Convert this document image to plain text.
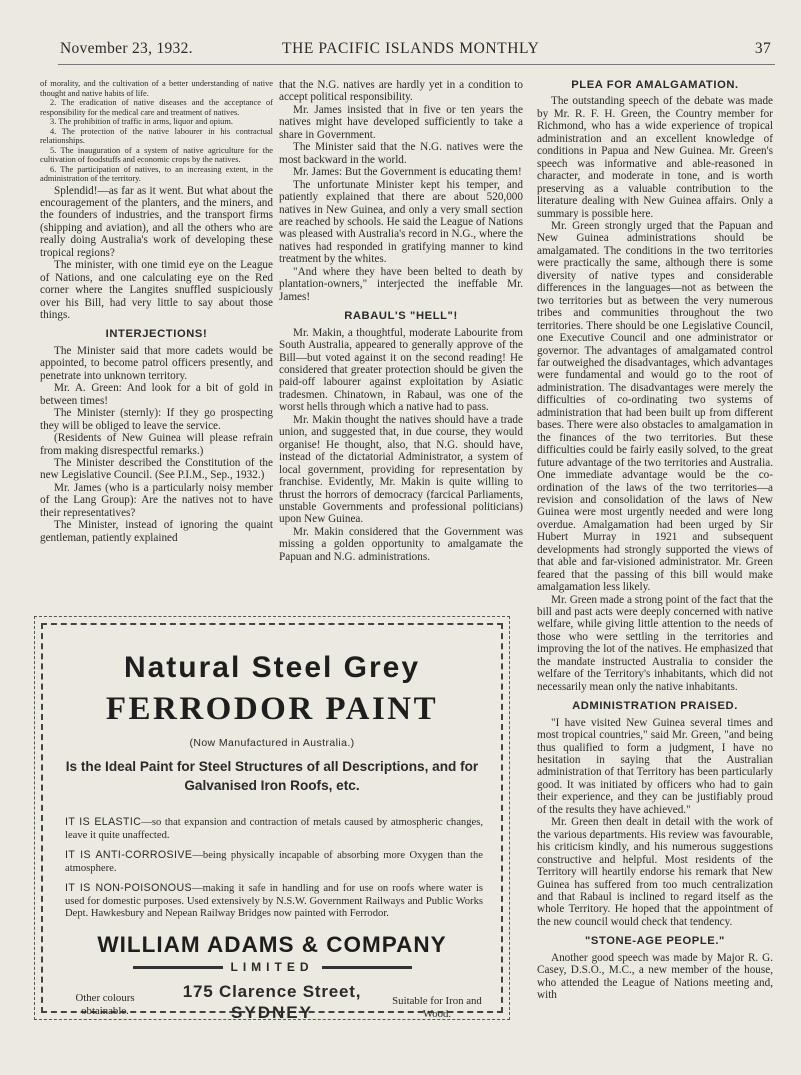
November 23, 1932.	THE PACIFIC ISLANDS MONTHLY	37

of morality, and the cultivation of a better understanding of native thought and native habits of life.

2. The eradication of native diseases and the acceptance of responsibility for the medical care and treatment of natives.

3. The prohibition of traffic in arms, liquor and opium.

4. The protection of the native labourer in his contractual relationships.

5. The inauguration of a system of native agriculture for the cultivation of foodstuffs and economic crops by the natives.

6. The participation of natives, to an increasing extent, in the administration of the territory.

Splendid!—as far as it went. But what about the encouragement of the planters, and the miners, and the founders of industries, and the transport firms (shipping and aviation), and all the others who are really doing Australia's work of developing these tropical regions?

The minister, with one timid eye on the League of Nations, and one calculating eye on the Red corner where the Langites snuffled suspiciously over his Bill, had very little to say about those things.

INTERJECTIONS!

The Minister said that more cadets would be appointed, to become patrol officers presently, and penetrate into unknown territory.

Mr. A. Green: And look for a bit of gold in between times!

The Minister (sternly): If they go prospecting they will be obliged to leave the service.

(Residents of New Guinea will please refrain from making disrespectful remarks.)

The Minister described the Constitution of the new Legislative Council. (See P.I.M., Sep., 1932.)

Mr. James (who is a particularly noisy member of the Lang Group): Are the natives not to have their representatives?

The Minister, instead of ignoring the quaint gentleman, patiently explained

that the N.G. natives are hardly yet in a condition to accept political responsibility.

Mr. James insisted that in five or ten years the natives might have developed sufficiently to take a share in Government.

The Minister said that the N.G. natives were the most backward in the world.

Mr. James: But the Government is educating them!

The unfortunate Minister kept his temper, and patiently explained that there are about 520,000 natives in New Guinea, and only a very small section are reached by schools. He said the League of Nations was pleased with Australia's record in N.G., where the natives had responded in gratifying manner to kind treatment by the whites.

"And where they have been belted to death by plantation-owners," interjected the ineffable Mr. James!

RABAUL'S "HELL"!

Mr. Makin, a thoughtful, moderate Labourite from South Australia, appeared to generally approve of the Bill—but voted against it on the second reading! He considered that greater protection should be given the paid-off labourer against exploitation by Asiatic tradesmen. Chinatown, in Rabaul, was one of the worst hells through which a native had to pass.

Mr. Makin thought the natives should have a trade union, and suggested that, in due course, they would organise! He thought, also, that N.G. should have, instead of the dictatorial Administrator, a system of local government, providing for representation by franchise. Evidently, Mr. Makin is quite willing to thrust the horrors of democracy (farcical Parliaments, unstable Governments and professional politicians) upon New Guinea.

Mr. Makin considered that the Government was missing a golden opportunity to amalgamate the Papuan and N.G. administrations.

PLEA FOR AMALGAMATION.

The outstanding speech of the debate was made by Mr. R. F. H. Green, the Country member for Richmond, who has a wide experience of tropical administration and an excellent knowledge of conditions in Papua and New Guinea. Mr. Green's speech was informative and able-reasoned in character, and moderate in tone, and is worth preserving as a valuable contribution to the literature dealing with New Guinea affairs. Only a summary is possible here.

Mr. Green strongly urged that the Papuan and New Guinea administrations should be amalgamated. The conditions in the two territories were practically the same, although there is some diversity of native types and considerable differences in the languages—not as between the two territories but as between the very numerous tribes and communities throughout the two territories. There should be one Legislative Council, one Executive Council and one administrator or governor. The advantages of amalgamated control far outweighed the disadvantages, which advantages were fundamental and would go to the root of administration. The disadvantages were merely the difficulties of co-ordinating two systems of administration that had been built up from different bases. There were also obstacles to amalgamation in the finances of the two territories. But these difficulties could be fairly easily solved, to the great future advantage of the two territories and Australia. One immediate advantage would be the co-ordination of the laws of the two territories—a revision and consolidation of the laws of New Guinea were most urgently needed and were long overdue. Amalgamation had been urged by Sir Hubert Murray in 1921 and subsequent developments had strongly supported the views of that able and far-visioned administrator. Mr. Green feared that the passing of this bill would make amalgamation less likely.

Mr. Green made a strong point of the fact that the bill and past acts were deeply concerned with native welfare, while giving little attention to the needs of those who were settling in the territories and improving the lot of the natives. He emphasized that the mandate instructed Australia to consider the welfare of the Territory's inhabitants, which did not necessarily mean only the native inhabitants.

ADMINISTRATION PRAISED.

"I have visited New Guinea several times and most tropical countries," said Mr. Green, "and being thus qualified to form a judgment, I have no hesitation in saying that the Australian administration of that Territory has been particularly good. It was initiated by officers who had to gain their experience, and they can be justifiably proud of the results they have achieved."

Mr. Green then dealt in detail with the work of the various departments. His review was favourable, his criticism kindly, and his numerous suggestions constructive and helpful. Most residents of the Territory will heartily endorse his remark that New Guinea has suffered from too much centralization and that Rabaul is inclined to regard itself as the whole Territory. He hoped that the appointment of the new council would check that tendency.

"STONE-AGE PEOPLE."

Another good speech was made by Major R. G. Casey, D.S.O., M.C., a new member of the house, who attended the League of Nations meeting and, with

Natural Steel Grey
FERRODOR PAINT
(Now Manufactured in Australia.)
Is the Ideal Paint for Steel Structures of all Descriptions, and for Galvanised Iron Roofs, etc.
IT IS ELASTIC—so that expansion and contraction of metals caused by atmospheric changes, leave it quite unaffected.
IT IS ANTI-CORROSIVE—being physically incapable of absorbing more Oxygen than the atmosphere.
IT IS NON-POISONOUS—making it safe in handling and for use on roofs where water is used for domestic purposes. Used extensively by N.S.W. Government Railways and Public Works Dept. Hawkesbury and Nepean Railway Bridges now painted with Ferrodor.
WILLIAM ADAMS & COMPANY
LIMITED
175 Clarence Street,
SYDNEY
Other colours obtainable.
Suitable for Iron and Wood.
